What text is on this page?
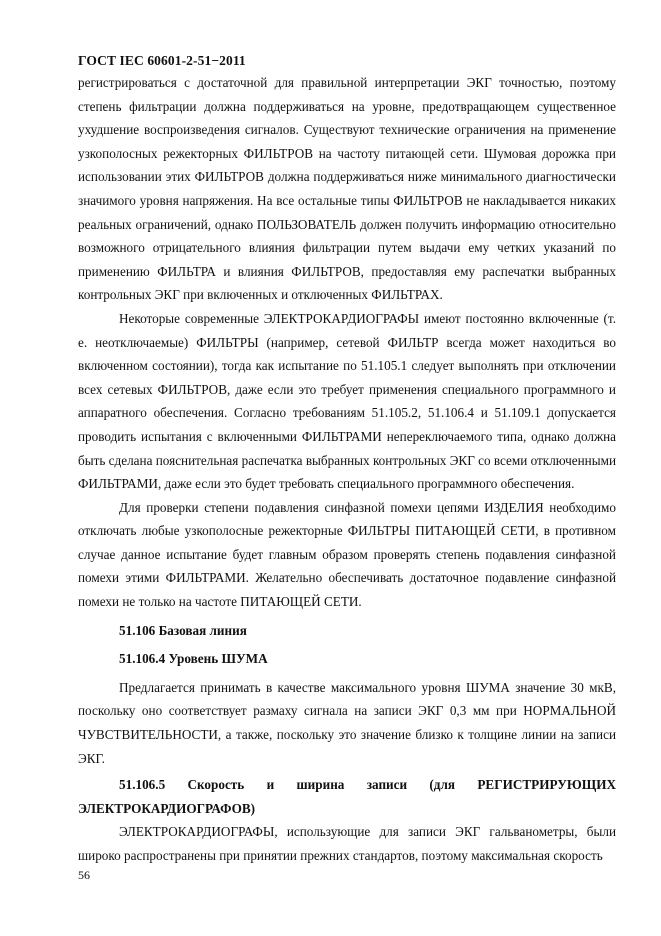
ГОСТ IEC 60601-2-51−2011

регистрироваться с достаточной для правильной интерпретации ЭКГ точностью, поэтому степень фильтрации должна поддерживаться на уровне, предотвращающем существенное ухудшение воспроизведения сигналов. Существуют технические ограничения на применение узкополосных режекторных ФИЛЬТРОВ на частоту питающей сети. Шумовая дорожка при использовании этих ФИЛЬТРОВ должна поддерживаться ниже минимального диагностически значимого уровня напряжения. На все остальные типы ФИЛЬТРОВ не накладывается никаких реальных ограничений, однако ПОЛЬЗОВАТЕЛЬ должен получить информацию относительно возможного отрицательного влияния фильтрации путем выдачи ему четких указаний по применению ФИЛЬТРА и влияния ФИЛЬТРОВ, предоставляя ему распечатки выбранных контрольных ЭКГ при включенных и отключенных ФИЛЬТРАХ.

Некоторые современные ЭЛЕКТРОКАРДИОГРАФЫ имеют постоянно включенные (т. е. неотключаемые) ФИЛЬТРЫ (например, сетевой ФИЛЬТР всегда может находиться во включенном состоянии), тогда как испытание по 51.105.1 следует выполнять при отключении всех сетевых ФИЛЬТРОВ, даже если это требует применения специального программного и аппаратного обеспечения. Согласно требованиям 51.105.2, 51.106.4 и 51.109.1 допускается проводить испытания с включенными ФИЛЬТРАМИ непереключаемого типа, однако должна быть сделана пояснительная распечатка выбранных контрольных ЭКГ со всеми отключенными ФИЛЬТРАМИ, даже если это будет требовать специального программного обеспечения.

Для проверки степени подавления синфазной помехи цепями ИЗДЕЛИЯ необходимо отключать любые узкополосные режекторные ФИЛЬТРЫ ПИТАЮЩЕЙ СЕТИ, в противном случае данное испытание будет главным образом проверять степень подавления синфазной помехи этими ФИЛЬТРАМИ. Желательно обеспечивать достаточное подавление синфазной помехи не только на частоте ПИТАЮЩЕЙ СЕТИ.

51.106 Базовая линия

51.106.4 Уровень ШУМА

Предлагается принимать в качестве максимального уровня ШУМА значение 30 мкВ, поскольку оно соответствует размаху сигнала на записи ЭКГ 0,3 мм при НОРМАЛЬНОЙ ЧУВСТВИТЕЛЬНОСТИ, а также, поскольку это значение близко к толщине линии на записи ЭКГ.

51.106.5 Скорость и ширина записи (для РЕГИСТРИРУЮЩИХ ЭЛЕКТРОКАРДИОГРАФОВ)

ЭЛЕКТРОКАРДИОГРАФЫ, использующие для записи ЭКГ гальванометры, были широко распространены при принятии прежних стандартов, поэтому максимальная скорость

56
